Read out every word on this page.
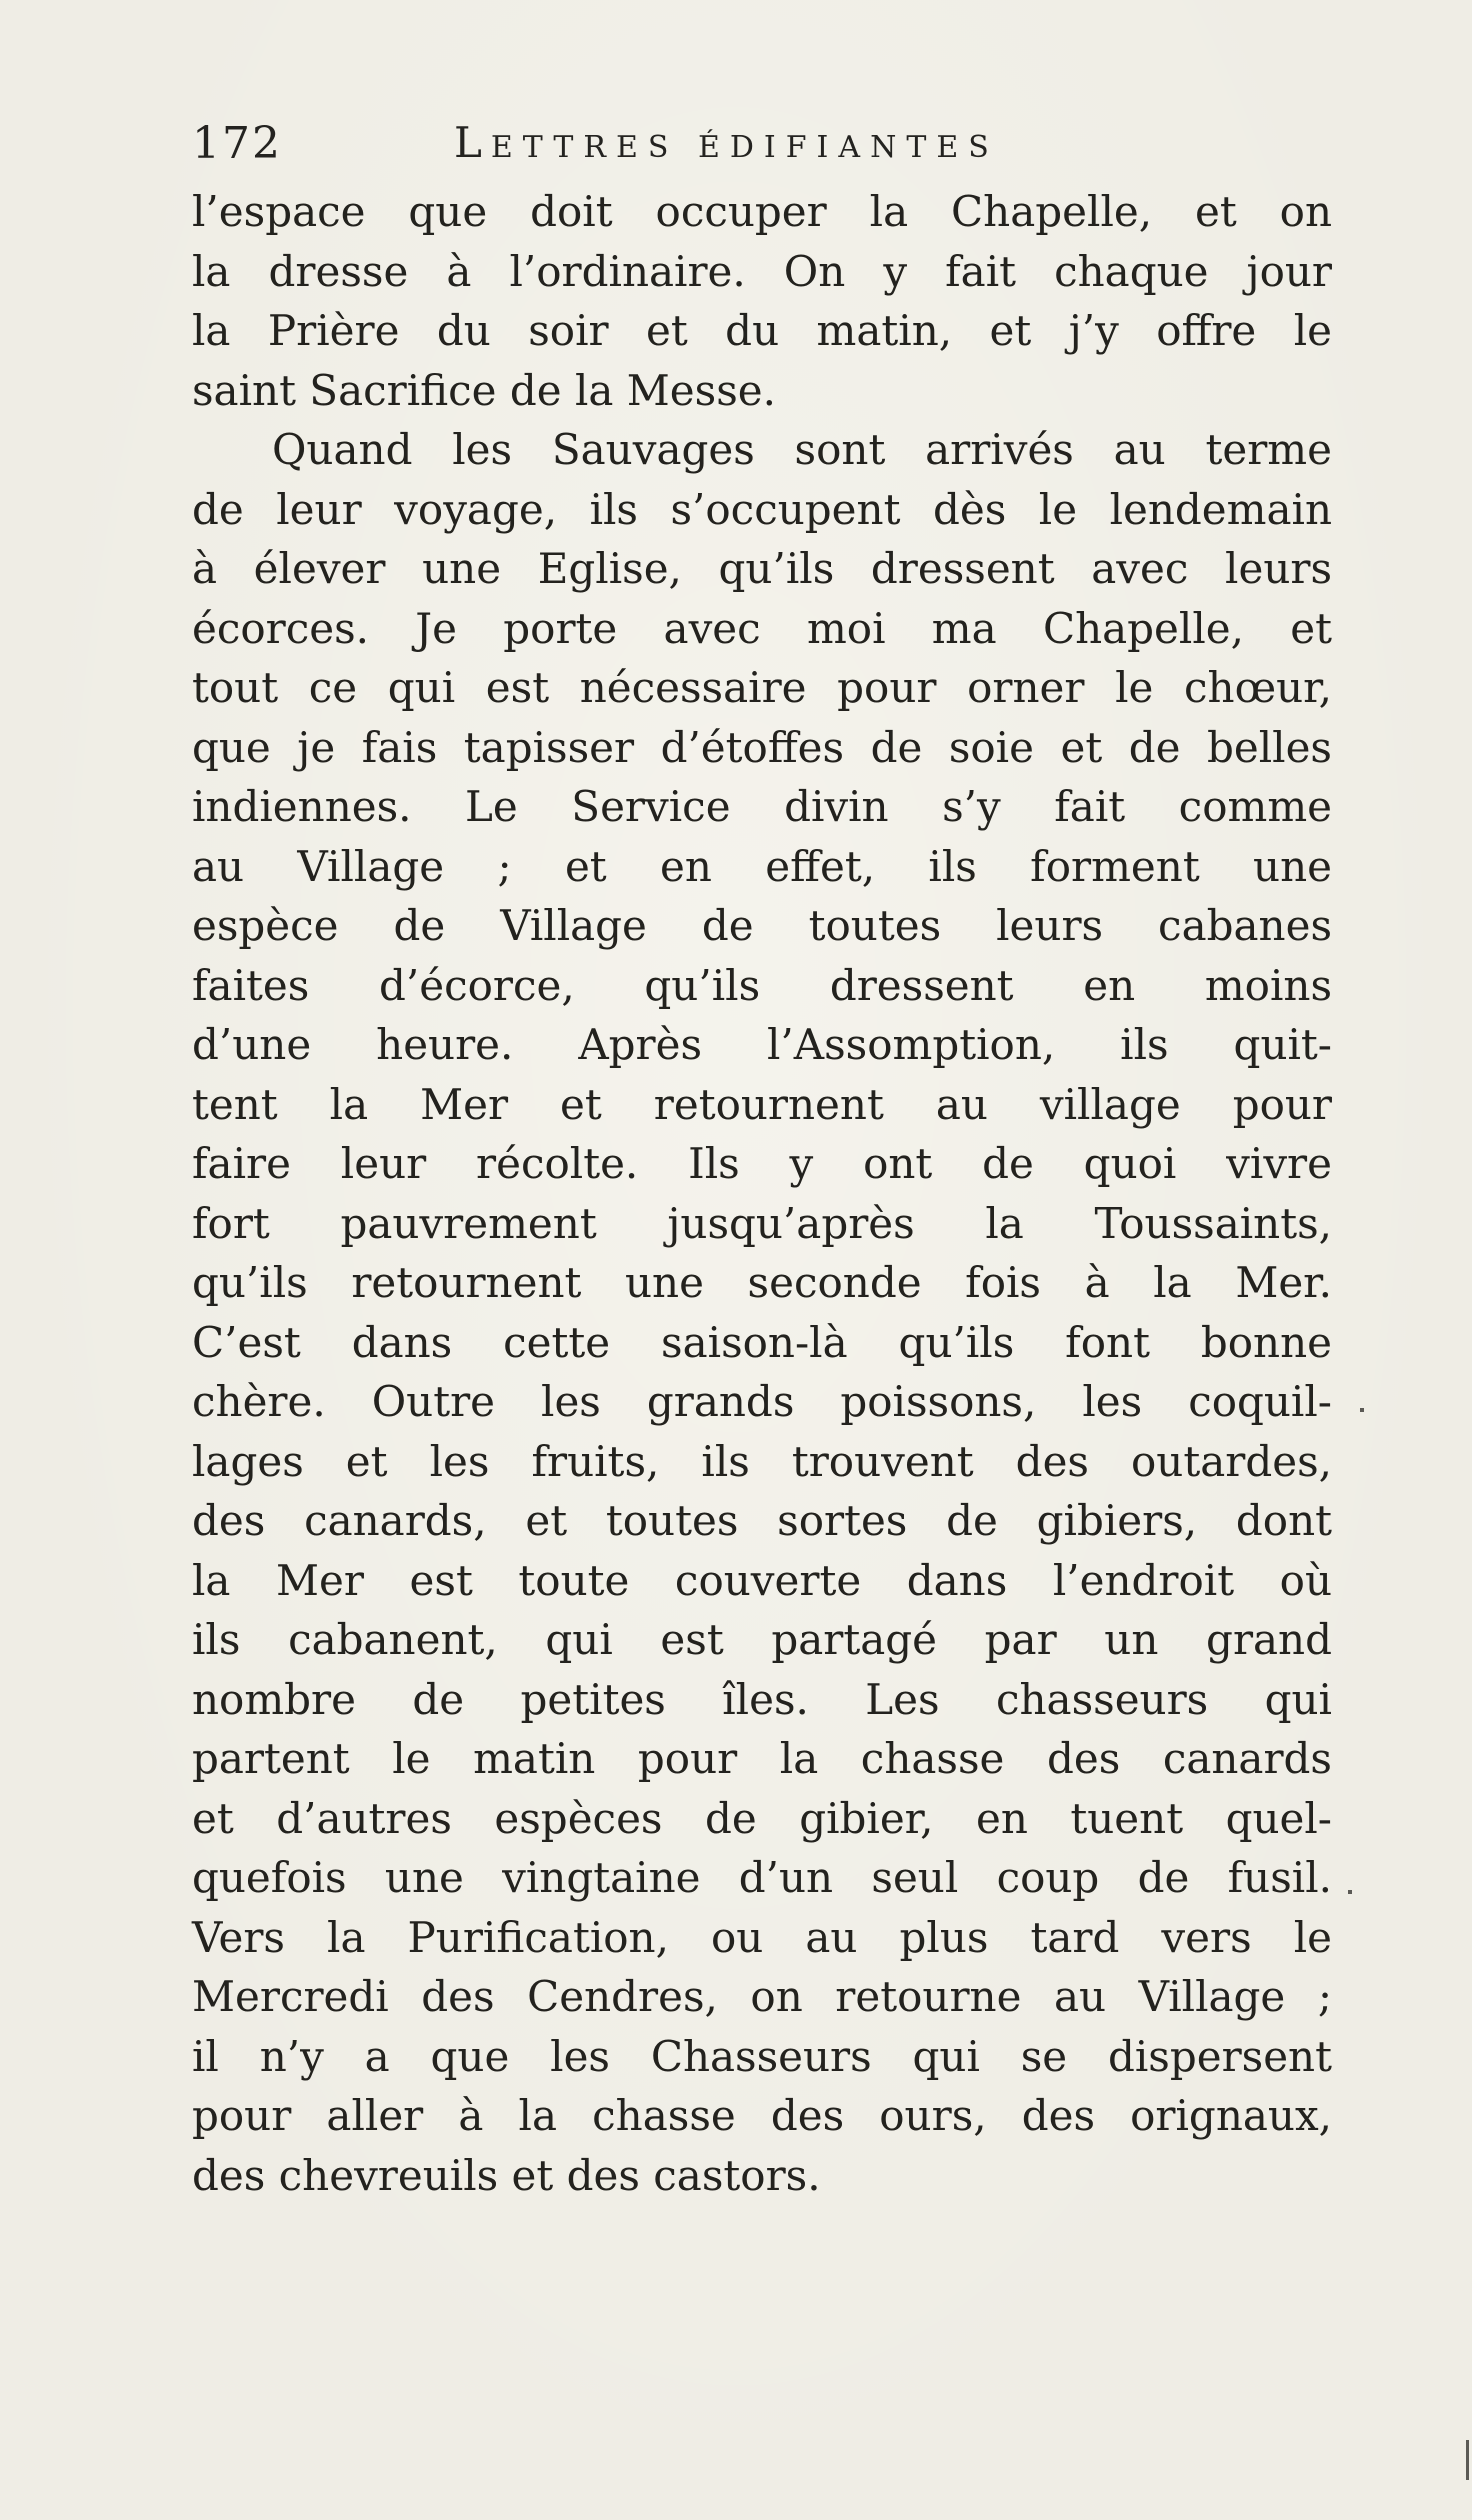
172	LETTRES ÉDIFIANTES
l’espace que doit occuper la Chapelle, et on
la dresse à l’ordinaire. On y fait chaque jour
la Prière du soir et du matin, et j’y offre le
saint Sacrifice de la Messe.
Quand les Sauvages sont arrivés au terme
de leur voyage, ils s’occupent dès le lendemain
à élever une Eglise, qu’ils dressent avec leurs
écorces. Je porte avec moi ma Chapelle, et
tout ce qui est nécessaire pour orner le chœur,
que je fais tapisser d’étoffes de soie et de belles
indiennes. Le Service divin s’y fait comme
au Village ; et en effet, ils forment une
espèce de Village de toutes leurs cabanes
faites d’écorce, qu’ils dressent en moins
d’une heure. Après l’Assomption, ils quit-
tent la Mer et retournent au village pour
faire leur récolte. Ils y ont de quoi vivre
fort pauvrement jusqu’après la Toussaints,
qu’ils retournent une seconde fois à la Mer.
C’est dans cette saison-là qu’ils font bonne
chère. Outre les grands poissons, les coquil-
lages et les fruits, ils trouvent des outardes,
des canards, et toutes sortes de gibiers, dont
la Mer est toute couverte dans l’endroit où
ils cabanent, qui est partagé par un grand
nombre de petites îles. Les chasseurs qui
partent le matin pour la chasse des canards
et d’autres espèces de gibier, en tuent quel-
quefois une vingtaine d’un seul coup de fusil.
Vers la Purification, ou au plus tard vers le
Mercredi des Cendres, on retourne au Village ;
il n’y a que les Chasseurs qui se dispersent
pour aller à la chasse des ours, des orignaux,
des chevreuils et des castors.
